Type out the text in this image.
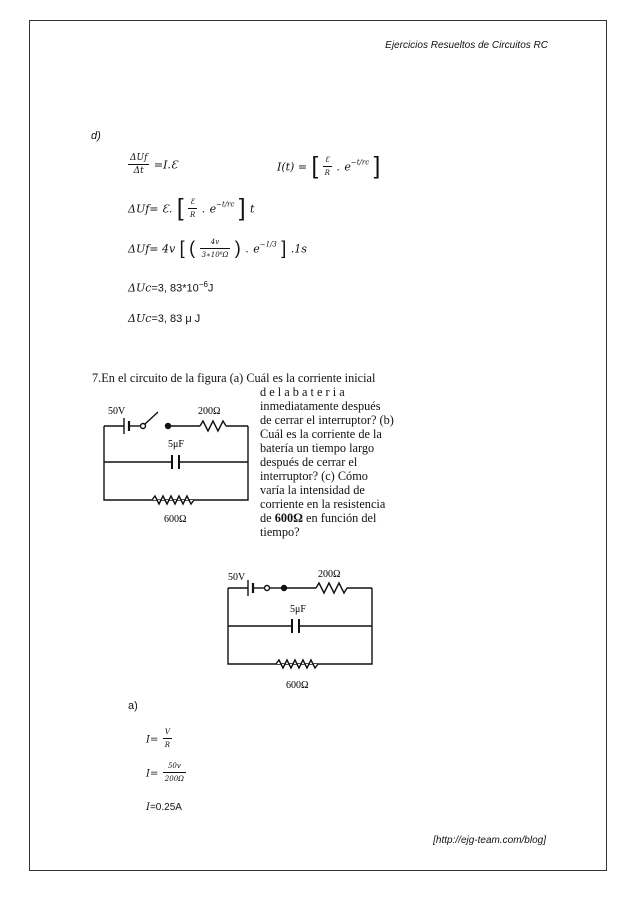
Ejercicios Resueltos de Circuitos RC
d)
$\frac{\text{ΔUf}}{\Delta t}$ =I.Ɛ	I(t) = [ $\frac{Ɛ}{R}$ . $e^{-t/rc}$ ]
ΔUf= Ɛ. [ $\frac{Ɛ}{R}$ . $e^{-t/rc}$ ] t
ΔUf= 4v [ ( $\frac{4v}{\text{3∗10⁶Ω}}$ ) . $e^{-1/3}$ ] .1s
ΔUc=3, $83*10^{-6}J$
ΔUc=3, 83 μ J
7.En el circuito de la figura (a) Cuál es la corriente inicial
d e l a b a t e r i a
inmediatamente después
de cerrar el interruptor? (b)
Cuál es la corriente de la
batería un tiempo largo
después de cerrar el
interruptor? (c) Cómo
varía la intensidad de
corriente en la resistencia
de 600Ω en función del
tiempo?
50V	200Ω
5μF
600Ω
50V	200Ω
5μF
600Ω
a)
$I= \frac{V}{R}$
$I= \frac{50v}{200\Omega}$
I=0.25A
[http://ejg-team.com/blog]
